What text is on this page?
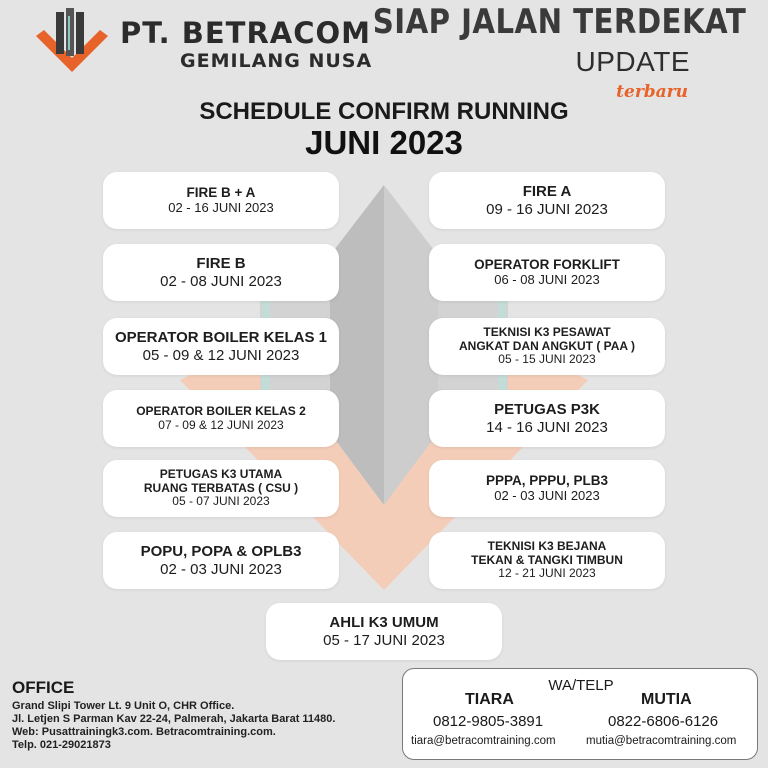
PT. BETRACOM
GEMILANG NUSA
SIAP JALAN TERDEKAT
UPDATE
terbaru
SCHEDULE CONFIRM RUNNING
JUNI 2023
FIRE B + A
02 - 16 JUNI 2023
FIRE B
02 - 08 JUNI 2023
OPERATOR BOILER KELAS 1
05 - 09 & 12 JUNI 2023
OPERATOR BOILER KELAS 2
07 - 09 & 12 JUNI 2023
PETUGAS K3 UTAMA
RUANG TERBATAS ( CSU )
05 - 07 JUNI 2023
POPU, POPA & OPLB3
02 - 03 JUNI 2023
FIRE A
09 - 16 JUNI 2023
OPERATOR FORKLIFT
06 - 08 JUNI 2023
TEKNISI K3 PESAWAT
ANGKAT DAN ANGKUT ( PAA )
05 - 15 JUNI 2023
PETUGAS P3K
14 - 16 JUNI 2023
PPPA, PPPU, PLB3
02 - 03 JUNI 2023
TEKNISI K3 BEJANA
TEKAN & TANGKI TIMBUN
12 - 21 JUNI 2023
AHLI K3 UMUM
05 - 17 JUNI 2023
OFFICE
Grand Slipi Tower Lt. 9 Unit O, CHR Office.
Jl. Letjen S Parman Kav 22-24, Palmerah, Jakarta Barat 11480.
Web: Pusattrainingk3.com. Betracomtraining.com.
Telp. 021-29021873
WA/TELP
TIARA	MUTIA
0812-9805-3891	0822-6806-6126
tiara@betracomtraining.com	mutia@betracomtraining.com
